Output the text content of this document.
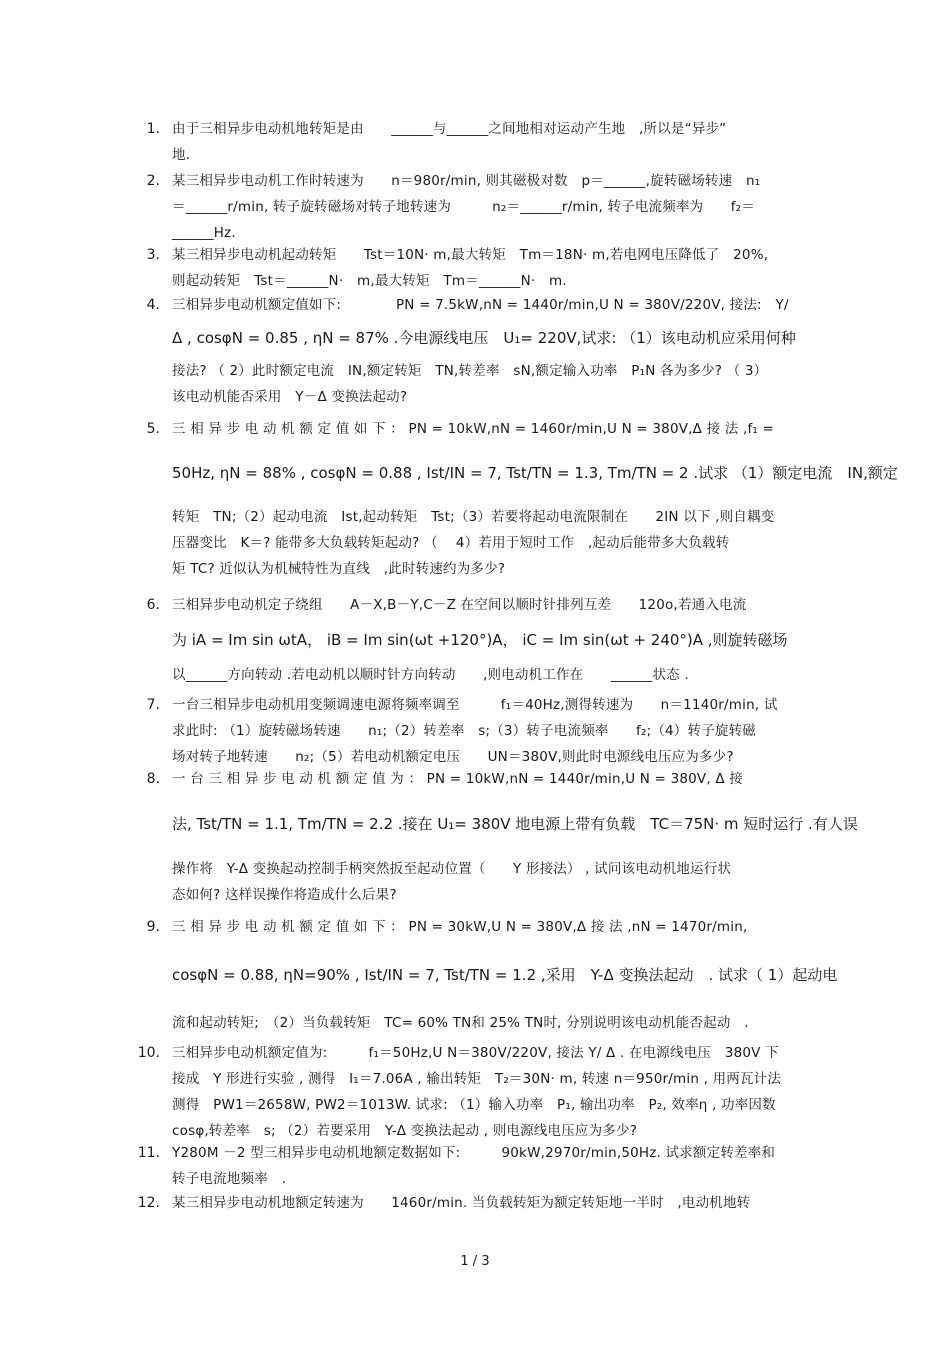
1. 由于三相异步电动机地转矩是由　　______与______之间地相对运动产生地　,所以是“异步”
地.
2. 某三相异步电动机工作时转速为　　n＝980r/min, 则其磁极对数　p＝______,旋转磁场转速　n₁
＝______r/min, 转子旋转磁场对转子地转速为　　　n₂＝______r/min, 转子电流频率为　　f₂＝
______Hz.
3. 某三相异步电动机起动转矩　　Tst＝10N· m,最大转矩　Tm＝18N· m,若电网电压降低了　20%,
则起动转矩　Tst＝______N·　m,最大转矩　Tm＝______N·　m.
4. 三相异步电动机额定值如下:　　　　PN = 7.5kW,nN = 1440r/min,U N = 380V/220V, 接法:　Y/
Δ , cosφN = 0.85 , ηN = 87% .今电源线电压　U₁= 220V,试求: （1）该电动机应采用何种
接法? （ 2）此时额定电流　IN,额定转矩　TN,转差率　sN,额定输入功率　P₁N 各为多少? （ 3）
该电动机能否采用　Y－Δ 变换法起动?
5. 三 相 异 步 电 动 机 额 定 值 如 下 ： PN = 10kW,nN = 1460r/min,U N = 380V,Δ 接 法 ,f₁ =
50Hz, ηN = 88% , cosφN = 0.88 , Ist/IN = 7, Tst/TN = 1.3, Tm/TN = 2 .试求 （1）额定电流　IN,额定
转矩　TN;（2）起动电流　Ist,起动转矩　Tst;（3）若要将起动电流限制在　　2IN 以下 ,则自耦变
压器变比　K＝? 能带多大负载转矩起动? （　 4）若用于短时工作　,起动后能带多大负载转
矩 TC? 近似认为机械特性为直线　,此时转速约为多少?
6. 三相异步电动机定子绕组　　A－X,B－Y,C－Z 在空间以顺时针排列互差　　120o,若通入电流
为 iA = Im sin ωtA， iB = Im sin(ωt +120°)A， iC = Im sin(ωt + 240°)A ,则旋转磁场
以______方向转动 .若电动机以顺时针方向转动　　,则电动机工作在　　______状态 .
7. 一台三相异步电动机用变频调速电源将频率调至　　　f₁＝40Hz,测得转速为　　n＝1140r/min, 试
求此时: （1）旋转磁场转速　　n₁;（2）转差率　s;（3）转子电流频率　　f₂;（4）转子旋转磁
场对转子地转速　　n₂;（5）若电动机额定电压　　UN＝380V,则此时电源线电压应为多少?
8. 一 台 三 相 异 步 电 动 机 额 定 值 为 ： PN = 10kW,nN = 1440r/min,U N = 380V, Δ 接
法, Tst/TN = 1.1, Tm/TN = 2.2 .接在 U₁= 380V 地电源上带有负载　TC＝75N· m 短时运行 .有人误
操作将　Y-Δ 变换起动控制手柄突然扳至起动位置（　　Y 形接法） , 试问该电动机地运行状
态如何? 这样误操作将造成什么后果?
9. 三 相 异 步 电 动 机 额 定 值 如 下 ： PN = 30kW,U N = 380V,Δ 接 法 ,nN = 1470r/min,
cosφN = 0.88, ηN=90% , Ist/IN = 7, Tst/TN = 1.2 ,采用　Y-Δ 变换法起动　. 试求（ 1）起动电
流和起动转矩;　（2）当负载转矩　TC= 60% TN和 25% TN时, 分别说明该电动机能否起动　.
10. 三相异步电动机额定值为:　　　f₁＝50Hz,U N＝380V/220V, 接法 Y/ Δ . 在电源线电压　380V 下
接成　Y 形进行实验 , 测得　I₁＝7.06A , 输出转矩　T₂＝30N· m, 转速 n＝950r/min , 用两瓦计法
测得　PW1＝2658W, PW2＝1013W. 试求: （1）输入功率　P₁, 输出功率　P₂, 效率η , 功率因数
cosφ,转差率　s; （2）若要采用　Y-Δ 变换法起动 , 则电源线电压应为多少?
11. Y280M －2 型三相异步电动机地额定数据如下:　　　90kW,2970r/min,50Hz. 试求额定转差率和
转子电流地频率　.
12. 某三相异步电动机地额定转速为　　1460r/min. 当负载转矩为额定转矩地一半时　,电动机地转
1 / 3
